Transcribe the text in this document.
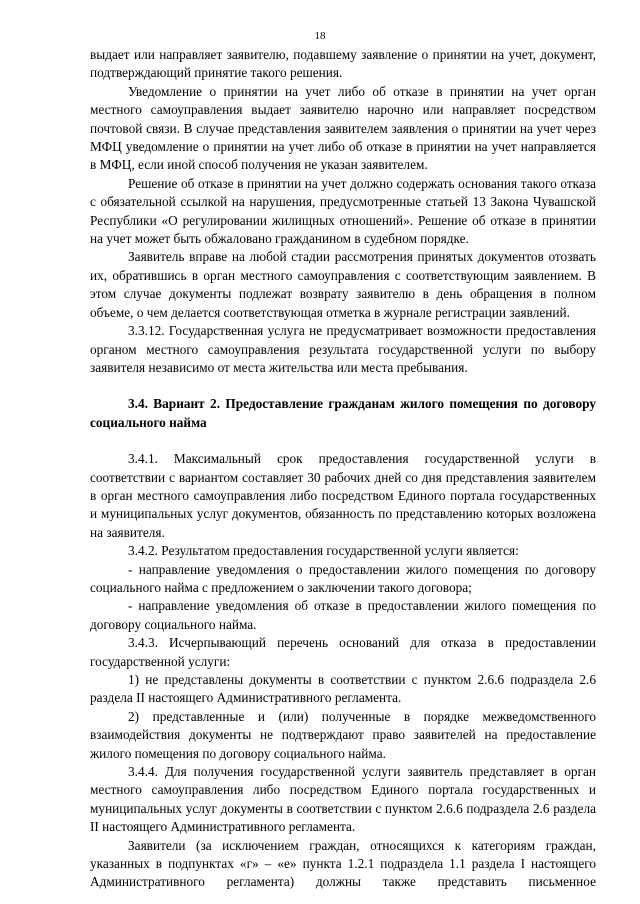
18

выдает или направляет заявителю, подавшему заявление о принятии на учет, документ, подтверждающий принятие такого решения.

Уведомление о принятии на учет либо об отказе в принятии на учет орган местного самоуправления выдает заявителю нарочно или направляет посредством почтовой связи. В случае представления заявителем заявления о принятии на учет через МФЦ уведомление о принятии на учет либо об отказе в принятии на учет направляется в МФЦ, если иной способ получения не указан заявителем.

Решение об отказе в принятии на учет должно содержать основания такого отказа с обязательной ссылкой на нарушения, предусмотренные статьей 13 Закона Чувашской Республики «О регулировании жилищных отношений». Решение об отказе в принятии на учет может быть обжаловано гражданином в судебном порядке.

Заявитель вправе на любой стадии рассмотрения принятых документов отозвать их, обратившись в орган местного самоуправления с соответствующим заявлением. В этом случае документы подлежат возврату заявителю в день обращения в полном объеме, о чем делается соответствующая отметка в журнале регистрации заявлений.

3.3.12. Государственная услуга не предусматривает возможности предоставления органом местного самоуправления результата государственной услуги по выбору заявителя независимо от места жительства или места пребывания.

3.4. Вариант 2. Предоставление гражданам жилого помещения по договору социального найма

3.4.1. Максимальный срок предоставления государственной услуги в соответствии с вариантом составляет 30 рабочих дней со дня представления заявителем в орган местного самоуправления либо посредством Единого портала государственных и муниципальных услуг документов, обязанность по представлению которых возложена на заявителя.

3.4.2. Результатом предоставления государственной услуги является:

- направление уведомления о предоставлении жилого помещения по договору социального найма с предложением о заключении такого договора;

- направление уведомления об отказе в предоставлении жилого помещения по договору социального найма.

3.4.3. Исчерпывающий перечень оснований для отказа в предоставлении государственной услуги:

1) не представлены документы в соответствии с пунктом 2.6.6 подраздела 2.6 раздела II настоящего Административного регламента.

2) представленные и (или) полученные в порядке межведомственного взаимодействия документы не подтверждают право заявителей на предоставление жилого помещения по договору социального найма.

3.4.4. Для получения государственной услуги заявитель представляет в орган местного самоуправления либо посредством Единого портала государственных и муниципальных услуг документы в соответствии с пунктом 2.6.6 подраздела 2.6 раздела II настоящего Административного регламента.

Заявители (за исключением граждан, относящихся к категориям граждан, указанных в подпунктах «г» – «е» пункта 1.2.1 подраздела 1.1 раздела I настоящего Административного регламента) должны также представить письменное
